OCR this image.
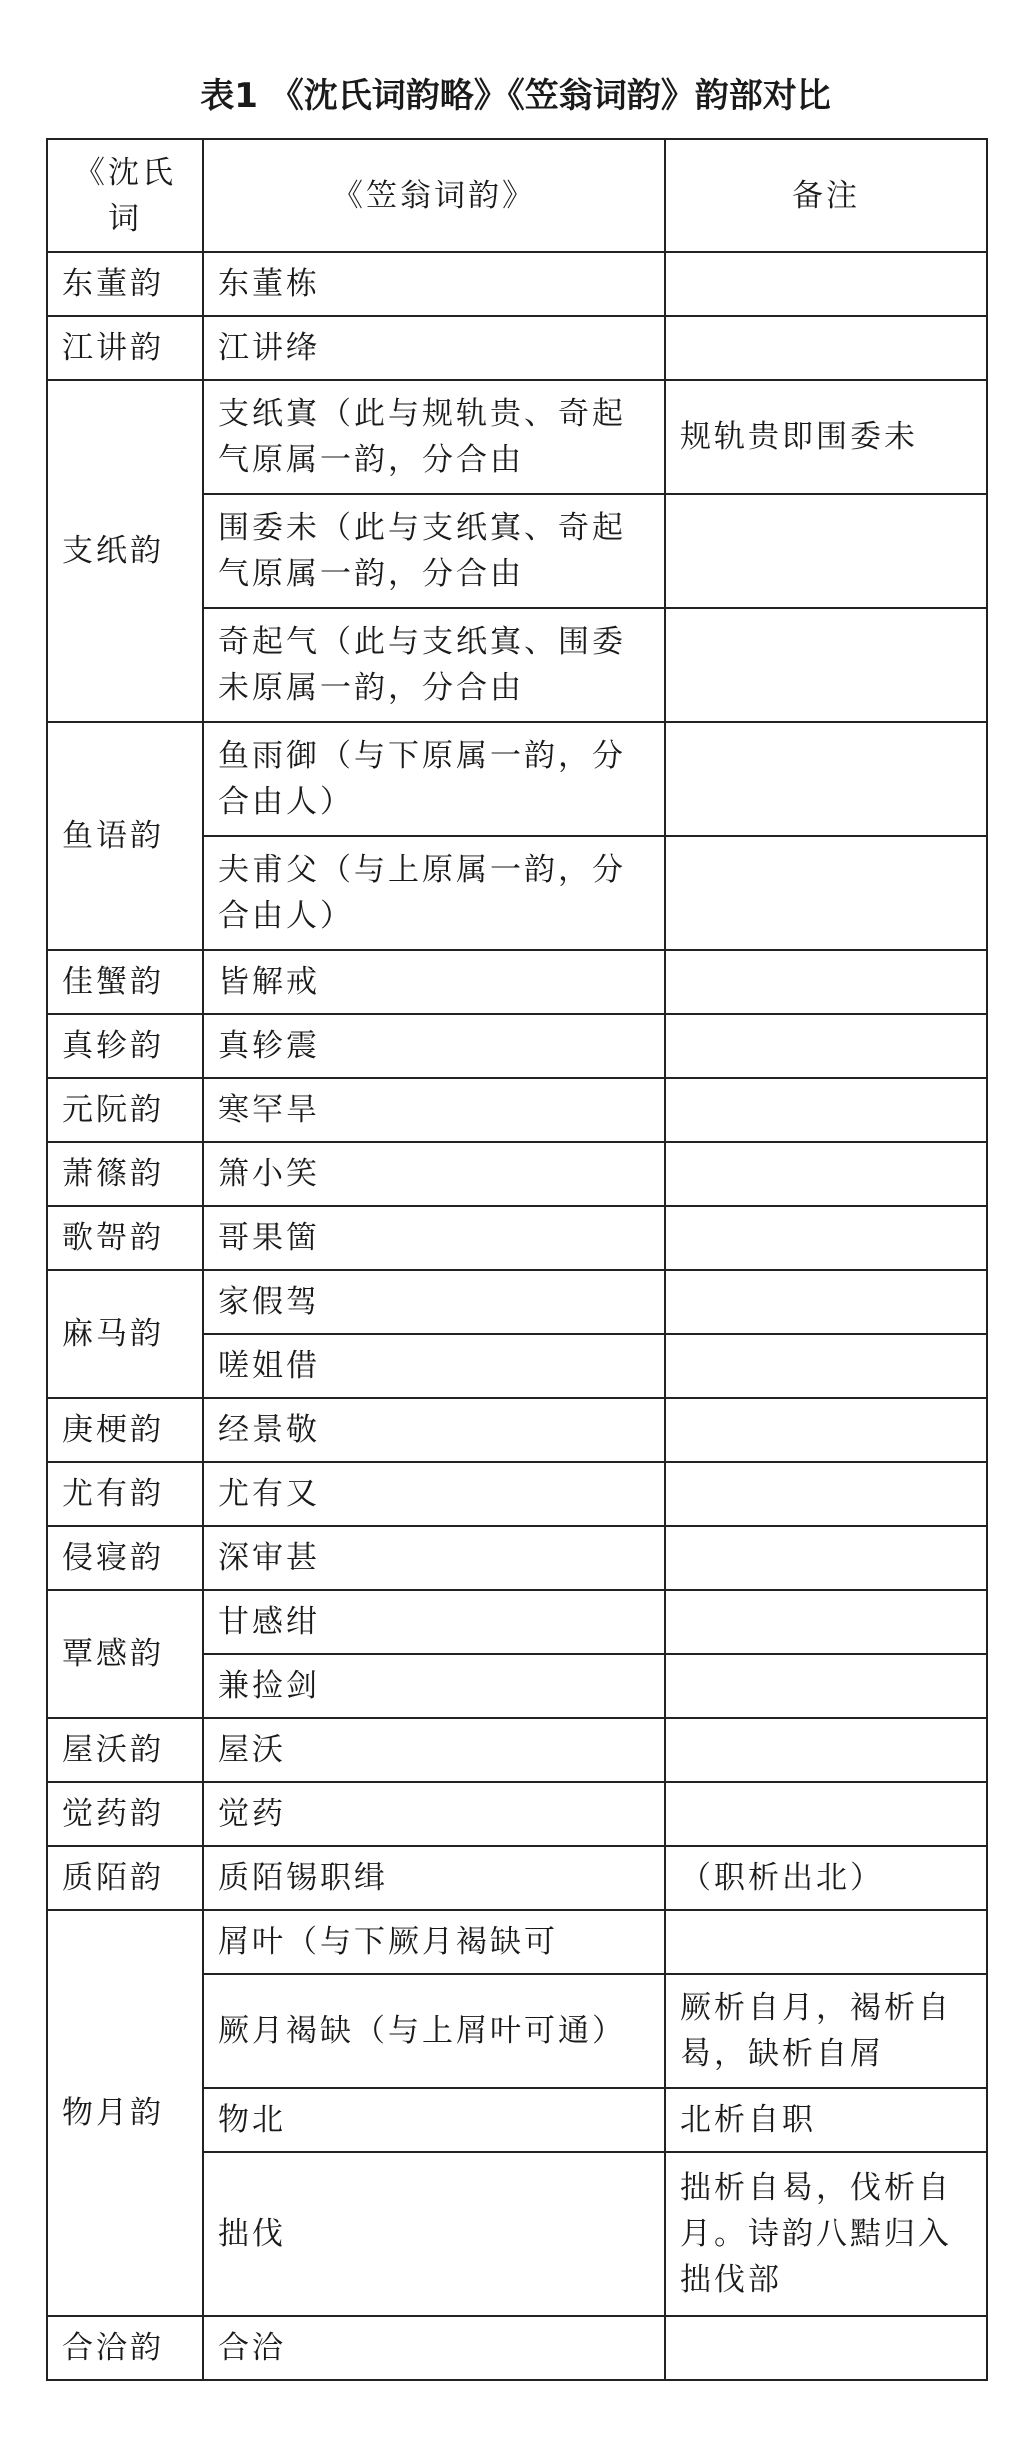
表1 《沈氏词韵略》《笠翁词韵》韵部对比
《沈氏词	《笠翁词韵》	备注
东董韵	东董栋	
江讲韵	江讲绛	
支纸韵	支纸寘（此与规轨贵、奇起气原属一韵，分合由	规轨贵即围委未
	围委未（此与支纸寘、奇起气原属一韵，分合由	
	奇起气（此与支纸寘、围委未原属一韵，分合由	
鱼语韵	鱼雨御（与下原属一韵，分合由人）	
	夫甫父（与上原属一韵，分合由人）	
佳蟹韵	皆解戒	
真轸韵	真轸震	
元阮韵	寒罕旱	
萧篠韵	箫小笑	
歌哿韵	哥果箇	
麻马韵	家假驾	
	嗟姐借	
庚梗韵	经景敬	
尤有韵	尤有又	
侵寝韵	深审甚	
覃感韵	甘感绀	
	兼捡剑	
屋沃韵	屋沃	
觉药韵	觉药	
质陌韵	质陌锡职缉	（职析出北）
物月韵	屑叶（与下厥月褐缺可	
	厥月褐缺（与上屑叶可通）	厥析自月，褐析自曷，缺析自屑
	物北	北析自职
	拙伐	拙析自曷，伐析自月。诗韵八黠归入拙伐部
合洽韵	合洽	
